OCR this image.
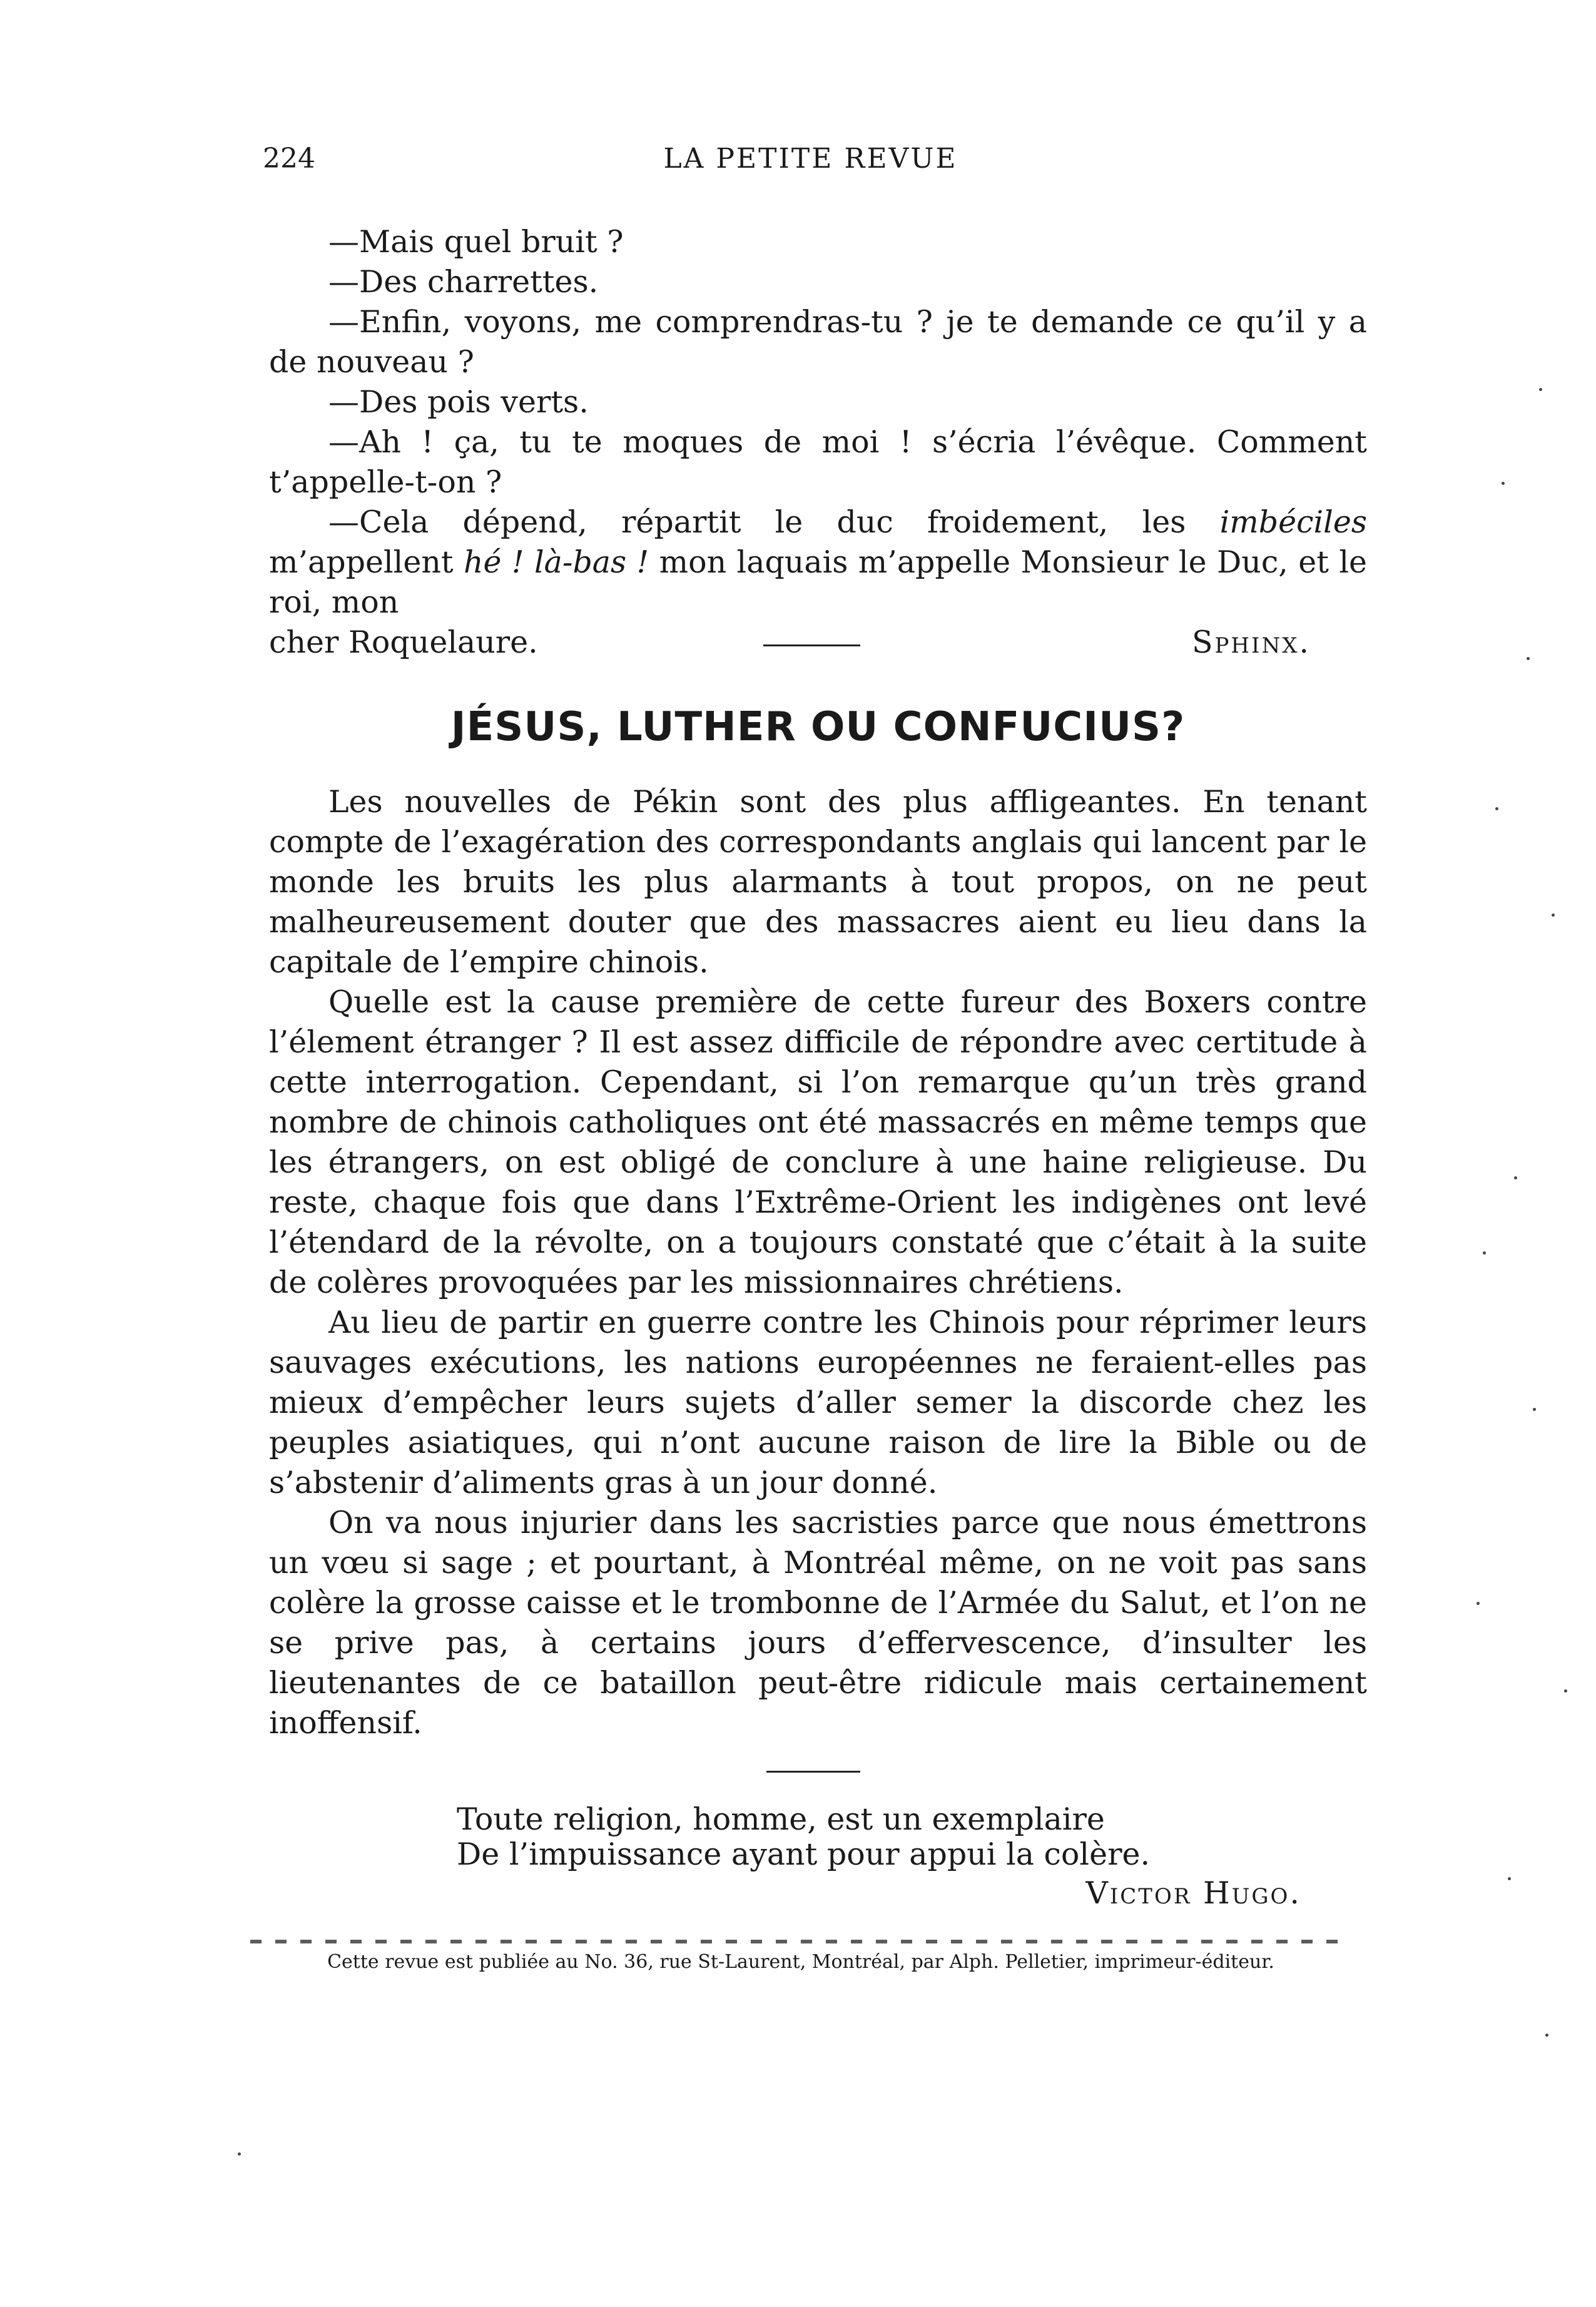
224	LA PETITE REVUE

—Mais quel bruit ?

—Des charrettes.

—Enfin, voyons, me comprendras-tu ? je te demande ce qu’il y a de nouveau ?

—Des pois verts.

—Ah ! ça, tu te moques de moi ! s’écria l’évêque. Comment t’appelle-t-on ?

—Cela dépend, répartit le duc froidement, les imbéciles m’appellent hé ! là-bas ! mon laquais m’appelle Monsieur le Duc, et le roi, mon

cher Roquelaure.	Sphinx.
JÉSUS, LUTHER OU CONFUCIUS?

Les nouvelles de Pékin sont des plus affligeantes. En tenant compte de l’exagération des correspondants anglais qui lancent par le monde les bruits les plus alarmants à tout propos, on ne peut malheureusement douter que des massacres aient eu lieu dans la capitale de l’empire chinois.

Quelle est la cause première de cette fureur des Boxers contre l’élement étranger ? Il est assez difficile de répondre avec certitude à cette interrogation. Cependant, si l’on remarque qu’un très grand nombre de chinois catholiques ont été massacrés en même temps que les étrangers, on est obligé de conclure à une haine religieuse. Du reste, chaque fois que dans l’Extrême-Orient les indigènes ont levé l’étendard de la révolte, on a toujours constaté que c’était à la suite de colères provoquées par les missionnaires chrétiens.

Au lieu de partir en guerre contre les Chinois pour réprimer leurs sauvages exécutions, les nations européennes ne feraient-elles pas mieux d’empêcher leurs sujets d’aller semer la discorde chez les peuples asiatiques, qui n’ont aucune raison de lire la Bible ou de s’abstenir d’aliments gras à un jour donné.

On va nous injurier dans les sacristies parce que nous émettrons un vœu si sage ; et pourtant, à Montréal même, on ne voit pas sans colère la grosse caisse et le trombonne de l’Armée du Salut, et l’on ne se prive pas, à certains jours d’effervescence, d’insulter les lieutenantes de ce bataillon peut-être ridicule mais certainement inoffensif.

Toute religion, homme, est un exemplaire

De l’impuissance ayant pour appui la colère.

Victor Hugo.
Cette revue est publiée au No. 36, rue St-Laurent, Montréal, par Alph. Pelletier, imprimeur-éditeur.
